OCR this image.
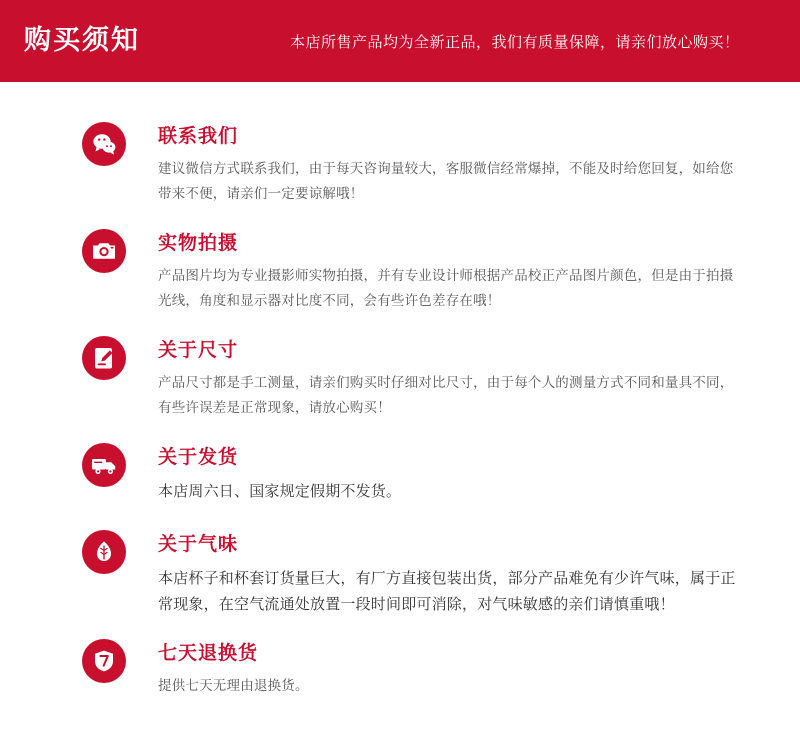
购买须知	本店所售产品均为全新正品，我们有质量保障，请亲们放心购买！
联系我们
建议微信方式联系我们，由于每天咨询量较大，客服微信经常爆掉，不能及时给您回复，如给您带来不便，请亲们一定要谅解哦！
实物拍摄
产品图片均为专业摄影师实物拍摄，并有专业设计师根据产品校正产品图片颜色，但是由于拍摄光线，角度和显示器对比度不同，会有些许色差存在哦！
关于尺寸
产品尺寸都是手工测量，请亲们购买时仔细对比尺寸，由于每个人的测量方式不同和量具不同，有些许误差是正常现象，请放心购买！
关于发货
本店周六日、国家规定假期不发货。
关于气味
本店杯子和杯套订货量巨大，有厂方直接包装出货，部分产品难免有少许气味，属于正常现象，在空气流通处放置一段时间即可消除，对气味敏感的亲们请慎重哦！
七天退换货
提供七天无理由退换货。
